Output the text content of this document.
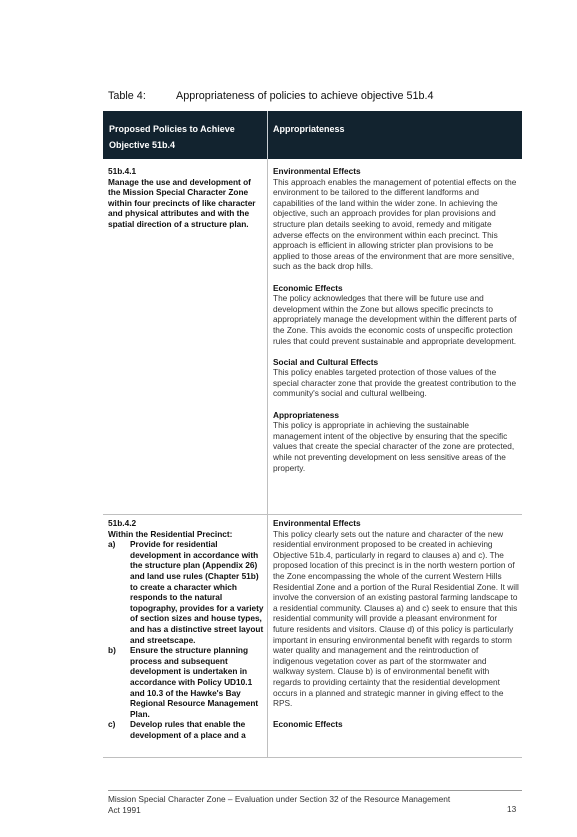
Table 4:	Appropriateness of policies to achieve objective 51b.4
Proposed Policies to Achieve Objective 51b.4
Appropriateness
51b.4.1
Manage the use and development of the Mission Special Character Zone within four precincts of like character and physical attributes and with the spatial direction of a structure plan.
Environmental Effects
This approach enables the management of potential effects on the environment to be tailored to the different landforms and capabilities of the land within the wider zone. In achieving the objective, such an approach provides for plan provisions and structure plan details seeking to avoid, remedy and mitigate adverse effects on the environment within each precinct. This approach is efficient in allowing stricter plan provisions to be applied to those areas of the environment that are more sensitive, such as the back drop hills.
Economic Effects
The policy acknowledges that there will be future use and development within the Zone but allows specific precincts to appropriately manage the development within the different parts of the Zone. This avoids the economic costs of unspecific protection rules that could prevent sustainable and appropriate development.
Social and Cultural Effects
This policy enables targeted protection of those values of the special character zone that provide the greatest contribution to the community's social and cultural wellbeing.
Appropriateness
This policy is appropriate in achieving the sustainable management intent of the objective by ensuring that the specific values that create the special character of the zone are protected, while not preventing development on less sensitive areas of the property.
51b.4.2
Within the Residential Precinct:
a) Provide for residential development in accordance with the structure plan (Appendix 26) and land use rules (Chapter 51b) to create a character which responds to the natural topography, provides for a variety of section sizes and house types, and has a distinctive street layout and streetscape.
b) Ensure the structure planning process and subsequent development is undertaken in accordance with Policy UD10.1 and 10.3 of the Hawke's Bay Regional Resource Management Plan.
c) Develop rules that enable the development of a place and a
Environmental Effects
This policy clearly sets out the nature and character of the new residential environment proposed to be created in achieving Objective 51b.4, particularly in regard to clauses a) and c). The proposed location of this precinct is in the north western portion of the Zone encompassing the whole of the current Western Hills Residential Zone and a portion of the Rural Residential Zone. It will involve the conversion of an existing pastoral farming landscape to a residential community. Clauses a) and c) seek to ensure that this residential community will provide a pleasant environment for future residents and visitors. Clause d) of this policy is particularly important in ensuring environmental benefit with regards to storm water quality and management and the reintroduction of indigenous vegetation cover as part of the stormwater and walkway system. Clause b) is of environmental benefit with regards to providing certainty that the residential development occurs in a planned and strategic manner in giving effect to the RPS.
Economic Effects
Mission Special Character Zone – Evaluation under Section 32 of the Resource Management Act 1991	13
